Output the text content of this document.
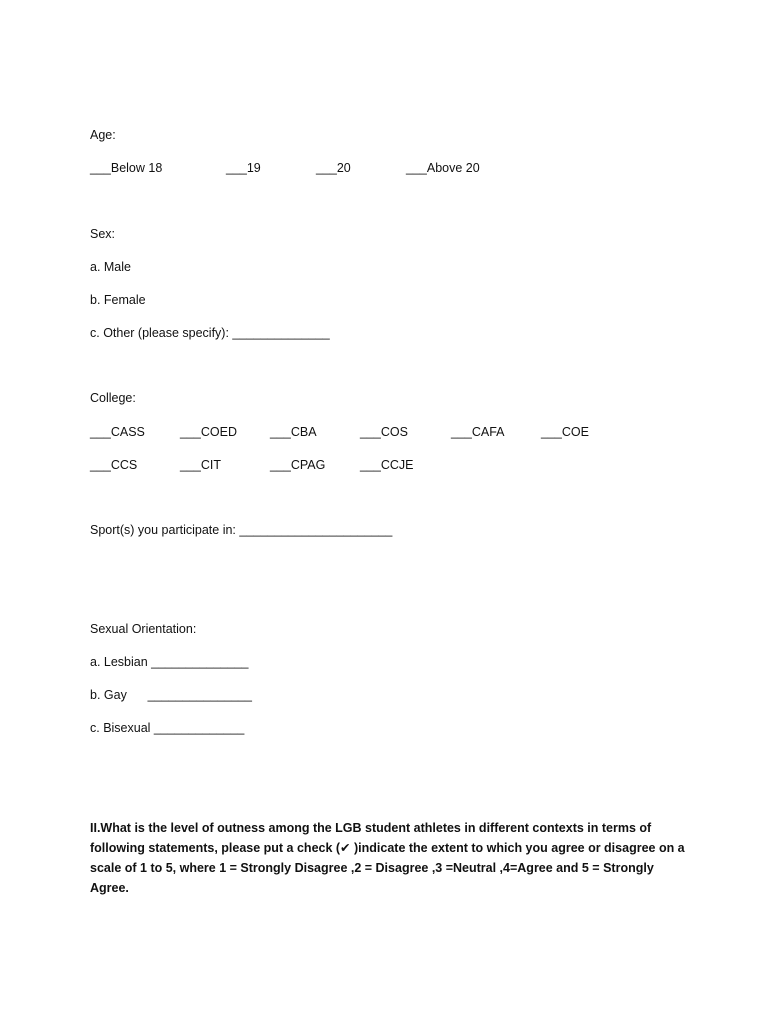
Age:
___Below 18	___19	___20	___Above 20
Sex:
a. Male
b. Female
c. Other (please specify): ______________
College:
___CASS	___COED	___CBA	___COS	___CAFA	___COE
___CCS	___CIT	___CPAG	___CCJE
Sport(s) you participate in: ______________________
Sexual Orientation:
a. Lesbian ______________
b. Gay      _______________
c. Bisexual _____________
II.What is the level of outness among the LGB student athletes in different contexts in terms of following statements, please put a check (✔ )indicate the extent to which you agree or disagree on a scale of 1 to 5, where 1 = Strongly Disagree ,2 = Disagree ,3 =Neutral ,4=Agree and 5 = Strongly Agree.
